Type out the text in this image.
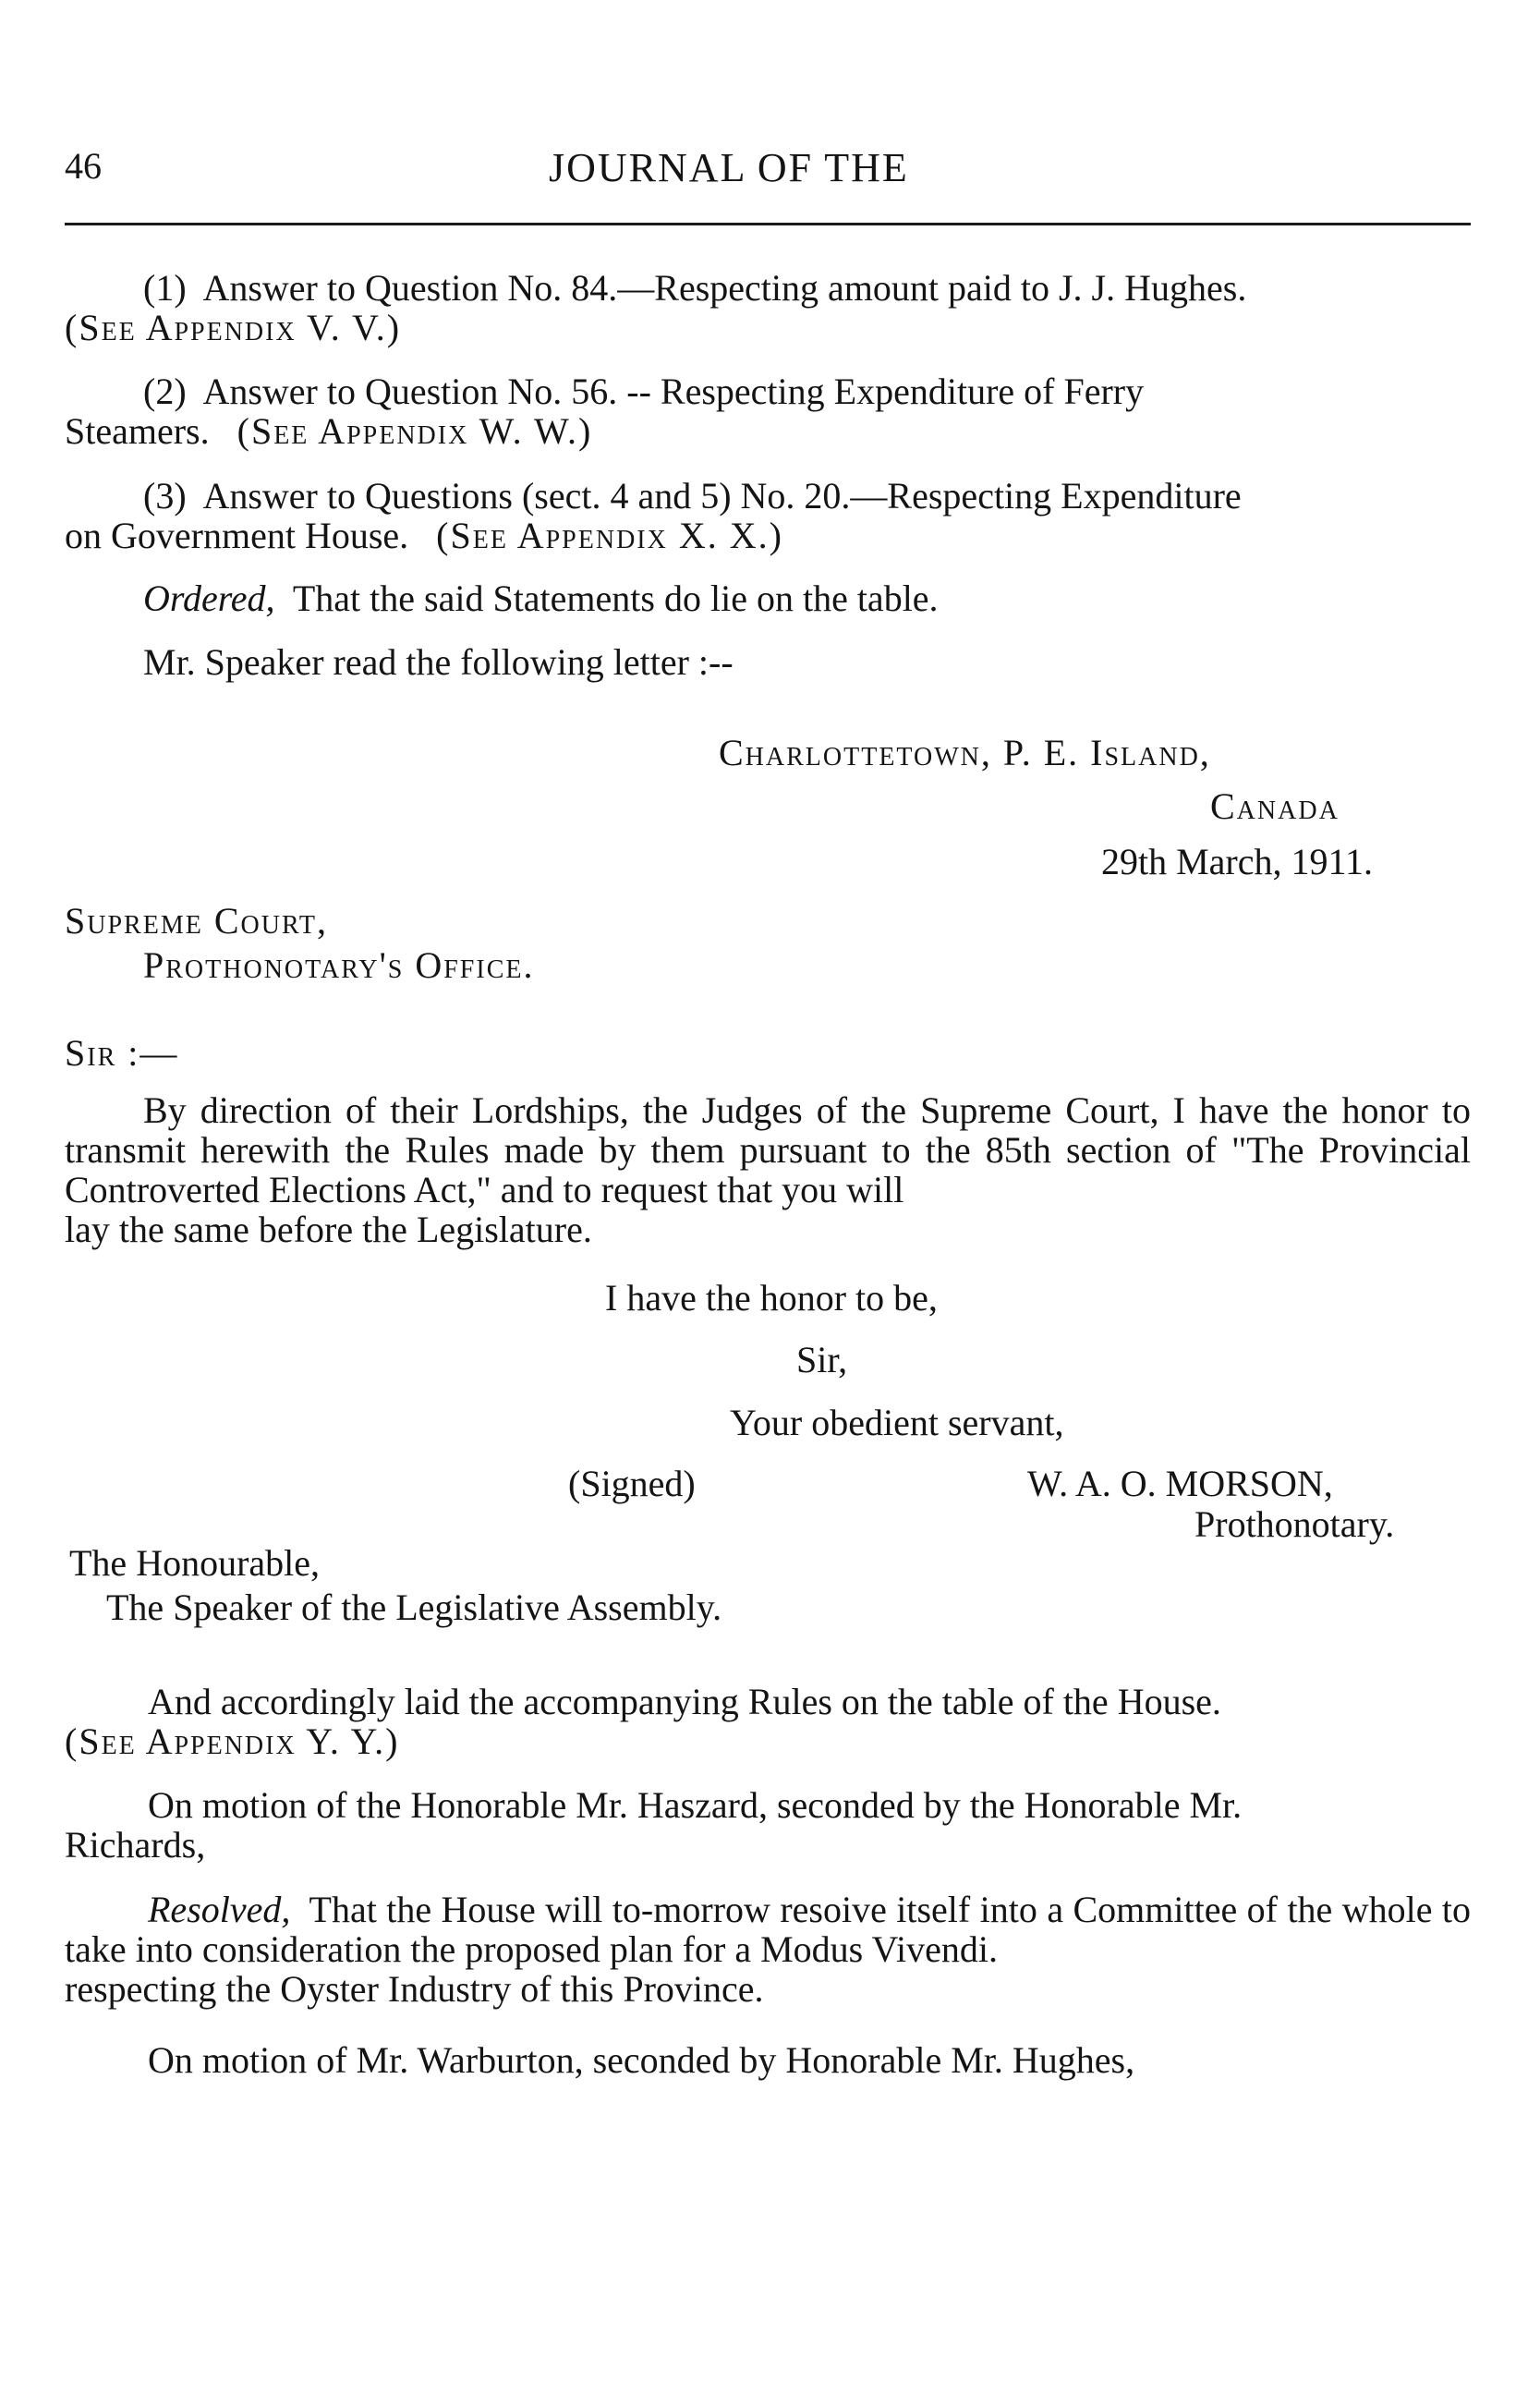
46	JOURNAL OF THE
(1) Answer to Question No. 84.—Respecting amount paid to J. J. Hughes.
(See Appendix V. V.)
(2) Answer to Question No. 56. -- Respecting Expenditure of Ferry
Steamers. (See Appendix W. W.)
(3) Answer to Questions (sect. 4 and 5) No. 20.—Respecting Expenditure
on Government House. (See Appendix X. X.)
Ordered, That the said Statements do lie on the table.
Mr. Speaker read the following letter :--
Charlottetown, P. E. Island,
Canada
29th March, 1911.
Supreme Court,
Prothonotary's Office.
Sir :—
By direction of their Lordships, the Judges of the Supreme Court, I have the honor to transmit herewith the Rules made by them pursuant to the 85th section of "The Provincial Controverted Elections Act," and to request that you will
lay the same before the Legislature.
I have the honor to be,
Sir,
Your obedient servant,
(Signed)	W. A. O. MORSON,
Prothonotary.
The Honourable,
The Speaker of the Legislative Assembly.
And accordingly laid the accompanying Rules on the table of the House.
(See Appendix Y. Y.)
On motion of the Honorable Mr. Haszard, seconded by the Honorable Mr.
Richards,
Resolved, That the House will to-morrow resoive itself into a Committee of the whole to take into consideration the proposed plan for a Modus Vivendi.
respecting the Oyster Industry of this Province.
On motion of Mr. Warburton, seconded by Honorable Mr. Hughes,
